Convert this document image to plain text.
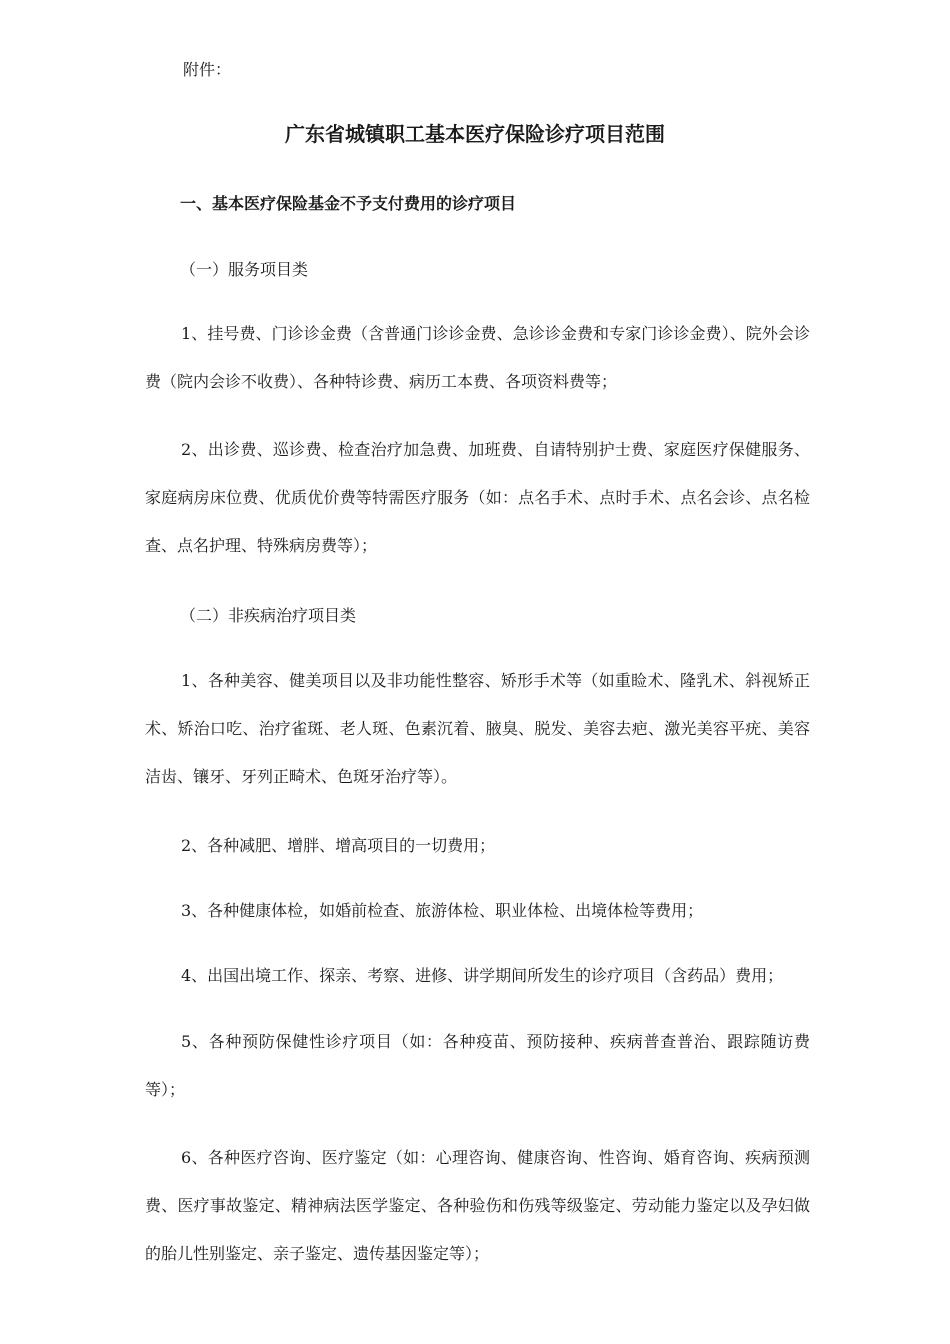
附件：
广东省城镇职工基本医疗保险诊疗项目范围
一、基本医疗保险基金不予支付费用的诊疗项目
（一）服务项目类
1、挂号费、门诊诊金费（含普通门诊诊金费、急诊诊金费和专家门诊诊金费）、院外会诊费（院内会诊不收费）、各种特诊费、病历工本费、各项资料费等；
2、出诊费、巡诊费、检查治疗加急费、加班费、自请特别护士费、家庭医疗保健服务、家庭病房床位费、优质优价费等特需医疗服务（如：点名手术、点时手术、点名会诊、点名检查、点名护理、特殊病房费等）；
（二）非疾病治疗项目类
1、各种美容、健美项目以及非功能性整容、矫形手术等（如重睑术、隆乳术、斜视矫正术、矫治口吃、治疗雀斑、老人斑、色素沉着、腋臭、脱发、美容去疤、激光美容平疣、美容洁齿、镶牙、牙列正畸术、色斑牙治疗等）。
2、各种减肥、增胖、增高项目的一切费用；
3、各种健康体检，如婚前检查、旅游体检、职业体检、出境体检等费用；
4、出国出境工作、探亲、考察、进修、讲学期间所发生的诊疗项目（含药品）费用；
5、各种预防保健性诊疗项目（如：各种疫苗、预防接种、疾病普查普治、跟踪随访费等）；
6、各种医疗咨询、医疗鉴定（如：心理咨询、健康咨询、性咨询、婚育咨询、疾病预测费、医疗事故鉴定、精神病法医学鉴定、各种验伤和伤残等级鉴定、劳动能力鉴定以及孕妇做的胎儿性别鉴定、亲子鉴定、遗传基因鉴定等）；
